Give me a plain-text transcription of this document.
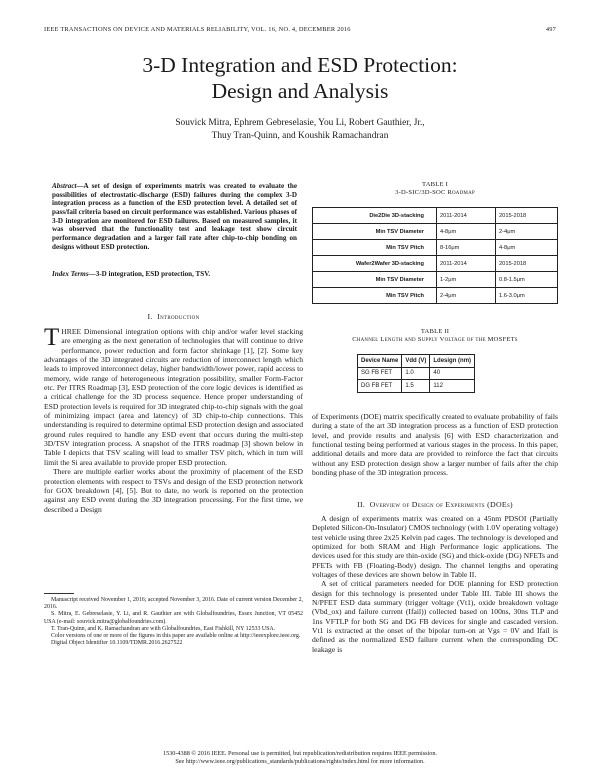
IEEE TRANSACTIONS ON DEVICE AND MATERIALS RELIABILITY, VOL. 16, NO. 4, DECEMBER 2016	497
3-D Integration and ESD Protection:
Design and Analysis
Souvick Mitra, Ephrem Gebreselasie, You Li, Robert Gauthier, Jr.,
Thuy Tran-Quinn, and Koushik Ramachandran
Abstract—A set of design of experiments matrix was created to evaluate the possibilities of electrostatic-discharge (ESD) failures during the complex 3-D integration process as a function of the ESD protection level. A detailed set of pass/fail criteria based on circuit performance was established. Various phases of 3-D integration are monitored for ESD failures. Based on measured samples, it was observed that the functionality test and leakage test show circuit performance degradation and a larger fail rate after chip-to-chip bonding on designs without ESD protection.
Index Terms—3-D integration, ESD protection, TSV.
I. Introduction

THREE Dimensional integration options with chip and/or wafer level stacking are emerging as the next generation of technologies that will continue to drive performance, power reduction and form factor shrinkage [1], [2]. Some key advantages of the 3D integrated circuits are reduction of interconnect length which leads to improved interconnect delay, higher bandwidth/lower power, rapid access to memory, wide range of heterogeneous integration possibility, smaller Form-Factor etc. Per ITRS Roadmap [3], ESD protection of the core logic devices is identified as a critical challenge for the 3D process sequence. Hence proper understanding of ESD protection levels is required for 3D integrated chip-to-chip signals with the goal of minimizing impact (area and latency) of 3D chip-to-chip connections. This understanding is required to determine optimal ESD protection design and associated ground rules required to handle any ESD event that occurs during the multi-step 3D/TSV integration process. A snapshot of the ITRS roadmap [3] shown below in Table I depicts that TSV scaling will lead to smaller TSV pitch, which in turn will limit the Si area available to provide proper ESD protection.

There are multiple earlier works about the proximity of placement of the ESD protection elements with respect to TSVs and design of the ESD protection network for GOX breakdown [4], [5]. But to date, no work is reported on the protection against any ESD event during the 3D integration processing. For the first time, we described a Design

Manuscript received November 1, 2016; accepted November 3, 2016. Date of current version December 2, 2016.

S. Mitra, E. Gebreselasie, Y. Li, and R. Gauthier are with Globalfoundries, Essex Junction, VT 05452 USA (e-mail: souvick.mitra@globalfoundries.com).

T. Tran-Quinn, and K. Ramachandran are with Globalfoundries, East Fishkill, NY 12533 USA.

Color versions of one or more of the figures in this paper are available online at http://ieeexplore.ieee.org.

Digital Object Identifier 10.1109/TDMR.2016.2627522

1530-4388 © 2016 IEEE. Personal use is permitted, but republication/redistribution requires IEEE permission.
See http://www.ieee.org/publications_standards/publications/rights/index.html for more information.
TABLE I
3-D-SIC/3D-SOC Roadmap
Die2Die 3D-stacking	2011-2014	2015-2018
Min TSV Diameter	4-8μm	2-4μm
Min TSV Pitch	8-16μm	4-8μm
Wafer2Wafer 3D-stacking	2011-2014	2015-2018
Min TSV Diameter	1-2μm	0.8-1.5μm
Min TSV Pitch	2-4μm	1.6-3.0μm
TABLE II
Channel Length and Supply Voltage of the MOSFETs
Device Name	Vdd (V)	Ldesign (nm)
SG FB FET	1.0	40
DG FB FET	1.5	112
of Experiments (DOE) matrix specifically created to evaluate probability of fails during a state of the art 3D integration process as a function of ESD protection level, and provide results and analysis [6] with ESD characterization and functional testing being performed at various stages in the process. In this paper, additional details and more data are provided to reinforce the fact that circuits without any ESD protection design show a larger number of fails after the chip bonding phase of the 3D integration process.
II. Overview of Design of Experiments (DOEs)

A design of experiments matrix was created on a 45nm PDSOI (Partially Depleted Silicon-On-Insulator) CMOS technology (with 1.0V operating voltage) test vehicle using three 2x25 Kelvin pad cages. The technology is developed and optimized for both SRAM and High Performance logic applications. The devices used for this study are thin-oxide (SG) and thick-oxide (DG) NFETs and PFETs with FB (Floating-Body) design. The channel lengths and operating voltages of these devices are shown below in Table II.

A set of critical parameters needed for DOE planning for ESD protection design for this technology is presented under Table III. Table III shows the N/PFET ESD data summary (trigger voltage (Vt1), oxide breakdown voltage (Vbd_ox) and failure current (Ifail)) collected based on 100ns, 30ns TLP and 1ns VFTLP for both SG and DG FB devices for single and cascaded version. Vt1 is extracted at the onset of the bipolar turn-on at Vgs = 0V and Ifail is defined as the normalized ESD failure current when the corresponding DC leakage is
